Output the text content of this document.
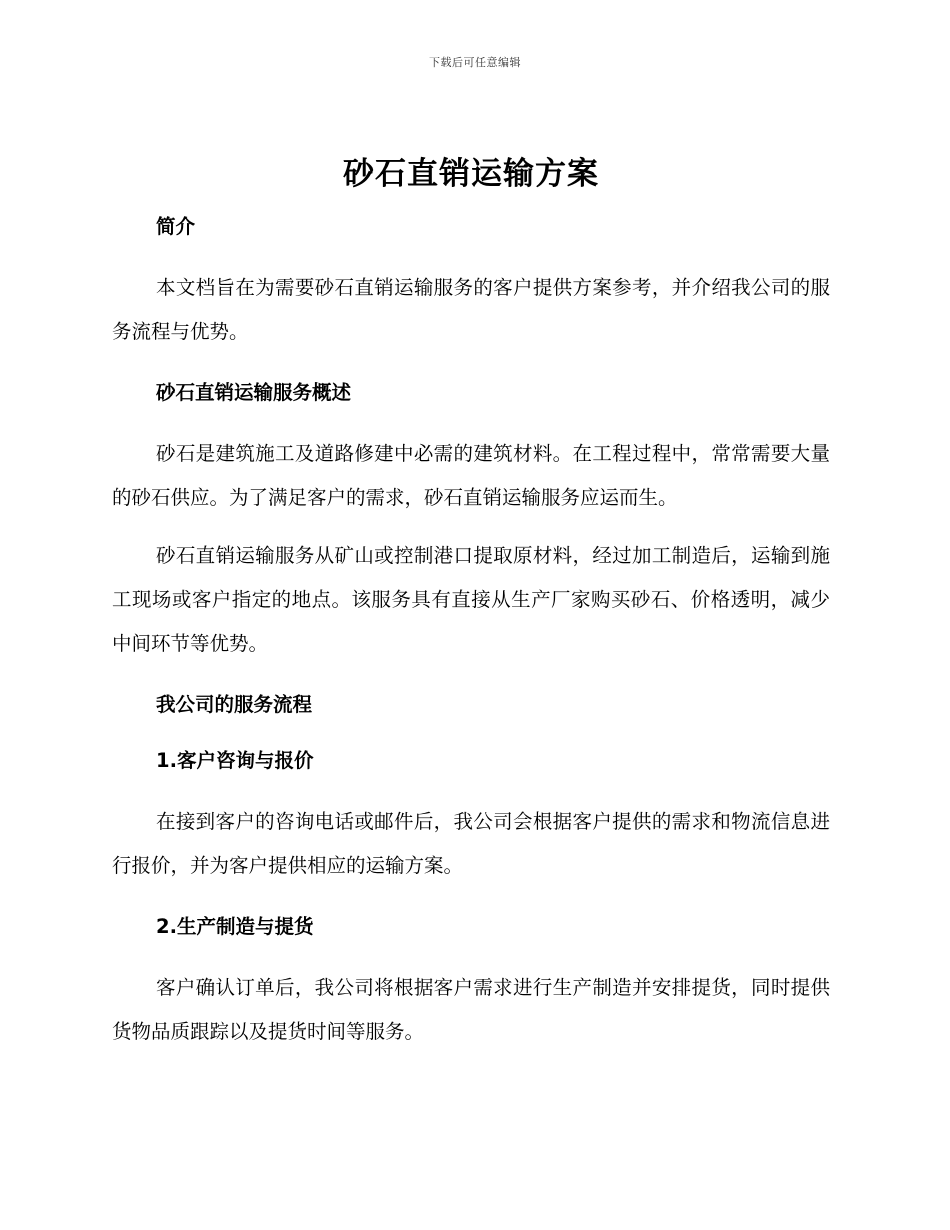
下载后可任意编辑
砂石直销运输方案
简介

本文档旨在为需要砂石直销运输服务的客户提供方案参考，并介绍我公司的服务流程与优势。

砂石直销运输服务概述

砂石是建筑施工及道路修建中必需的建筑材料。在工程过程中，常常需要大量的砂石供应。为了满足客户的需求，砂石直销运输服务应运而生。

砂石直销运输服务从矿山或控制港口提取原材料，经过加工制造后，运输到施工现场或客户指定的地点。该服务具有直接从生产厂家购买砂石、价格透明，减少中间环节等优势。

我公司的服务流程
1.客户咨询与报价

在接到客户的咨询电话或邮件后，我公司会根据客户提供的需求和物流信息进行报价，并为客户提供相应的运输方案。

2.生产制造与提货

客户确认订单后，我公司将根据客户需求进行生产制造并安排提货，同时提供货物品质跟踪以及提货时间等服务。
